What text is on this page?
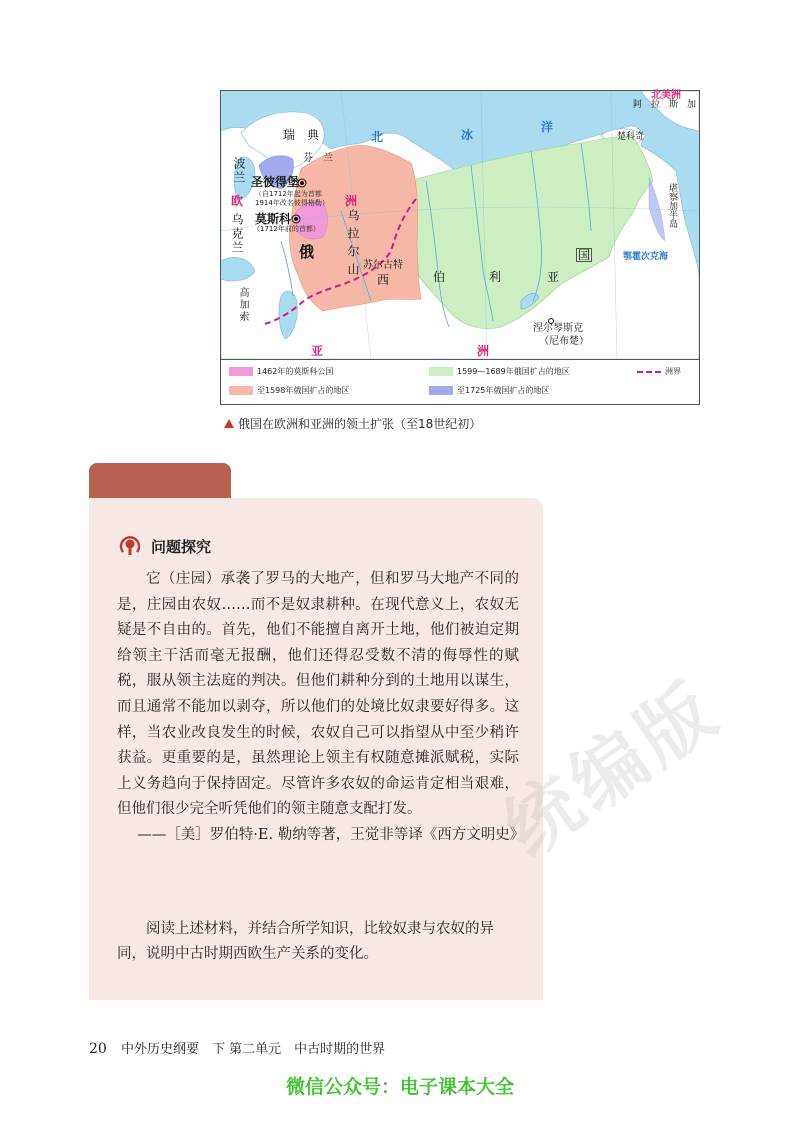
瑞　典
芬　兰
波兰
欧	洲
乌克兰
圣彼得堡
（自1712年起为首都
1914年改名彼得格勒）
莫斯科
（1712年前的首都）
俄	国
乌拉尔山 苏尔古特
西	伯	利	亚
高加索
涅尔琴斯克
（尼布楚）
北	冰
洋
北美洲
阿　拉　斯　加
楚科奇
堪察加半岛
鄂霍次克海
亚	洲
1462年的莫斯科公国	1599—1689年俄国扩占的地区	洲界
至1598年俄国扩占的地区	至1725年俄国扩占的地区
俄国在欧洲和亚洲的领土扩张（至18世纪初）
问题探究

它（庄园）承袭了罗马的大地产，但和罗马大地产不同的是，庄园由农奴……而不是奴隶耕种。在现代意义上，农奴无疑是不自由的。首先，他们不能擅自离开土地，他们被迫定期给领主干活而毫无报酬，他们还得忍受数不清的侮辱性的赋税，服从领主法庭的判决。但他们耕种分到的土地用以谋生，而且通常不能加以剥夺，所以他们的处境比奴隶要好得多。这样，当农业改良发生的时候，农奴自己可以指望从中至少稍许获益。更重要的是，虽然理论上领主有权随意摊派赋税，实际上义务趋向于保持固定。尽管许多农奴的命运肯定相当艰难，但他们很少完全听凭他们的领主随意支配打发。

——［美］罗伯特·E. 勒纳等著，王觉非等译《西方文明史》

阅读上述材料，并结合所学知识，比较奴隶与农奴的异同，说明中古时期西欧生产关系的变化。

统编版
20 中外历史纲要　下 第二单元　中古时期的世界
微信公众号：电子课本大全
